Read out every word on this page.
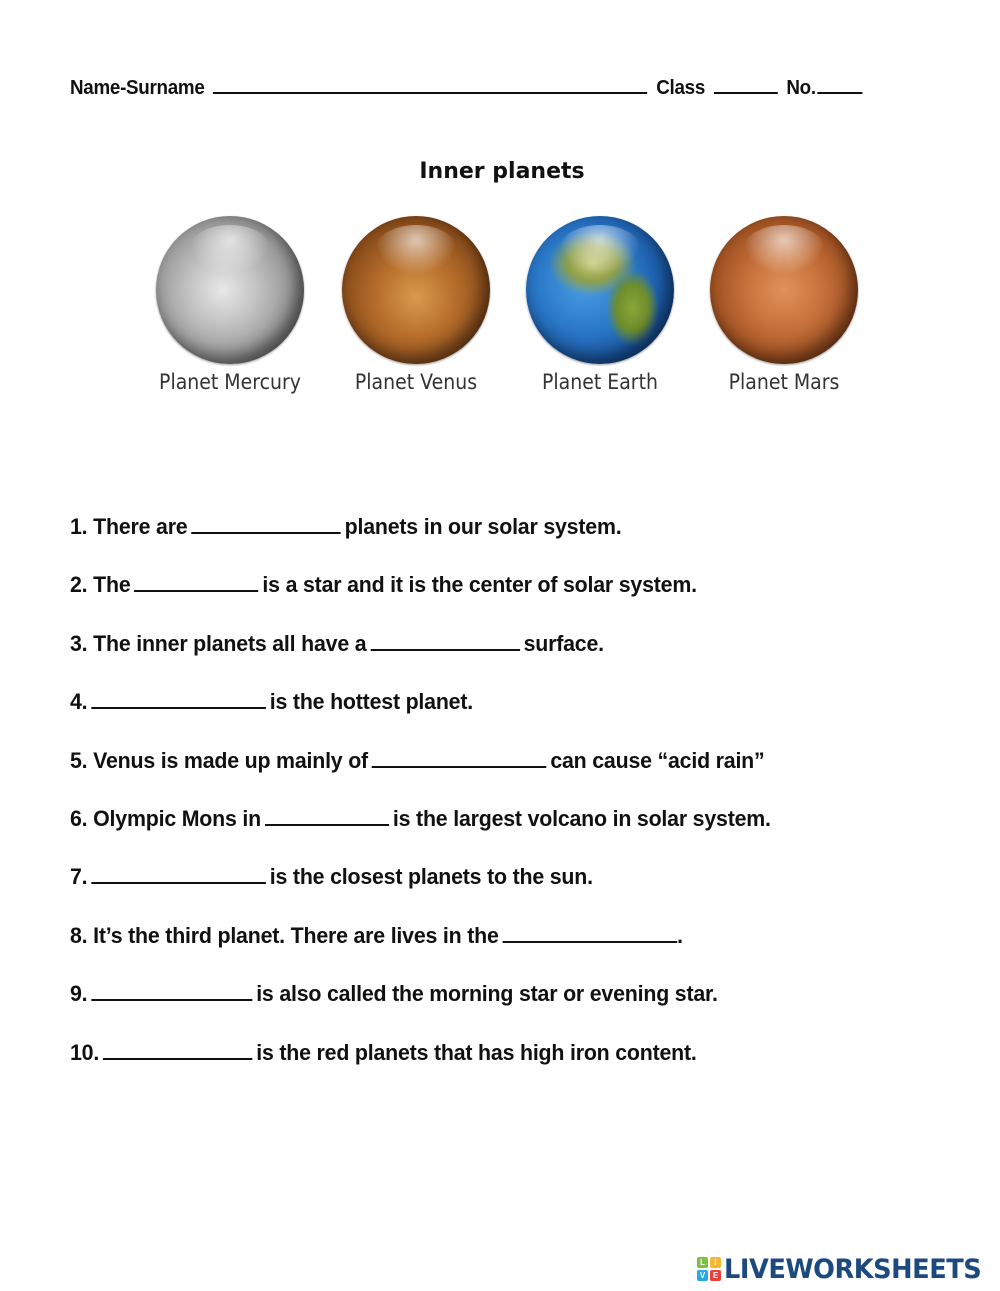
Name-Surname	Class	No.
Inner planets
Planet Mercury	Planet Venus	Planet Earth	Planet Mars
1. There are	planets in our solar system.
2. The	is a star and it is the center of solar system.
3. The inner planets all have a	surface.
4.	is the hottest planet.
5. Venus is made up mainly of	can cause “acid rain”
6. Olympic Mons in	is the largest volcano in solar system.
7.	is the closest planets to the sun.
8. It’s the third planet. There are lives in the	.
9.	is also called the morning star or evening star.
10.	is the red planets that has high iron content.
L	I
V E LIVEWORKSHEETS
